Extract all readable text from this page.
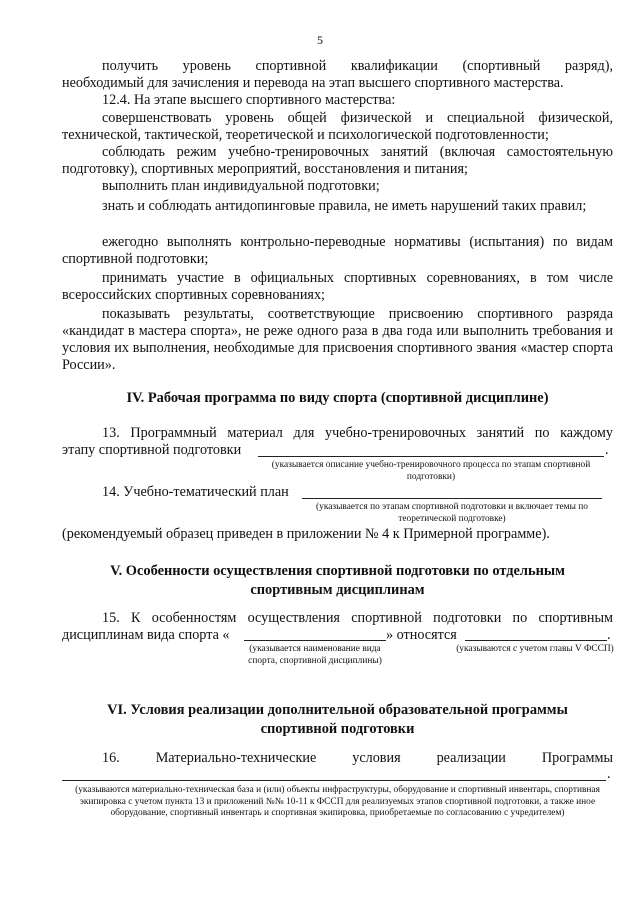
5
получить уровень спортивной квалификации (спортивный разряд),
необходимый для зачисления и перевода на этап высшего спортивного мастерства.
12.4. На этапе высшего спортивного мастерства:
совершенствовать уровень общей физической и специальной физической, технической, тактической, теоретической и психологической подготовленности;
соблюдать режим учебно-тренировочных занятий (включая самостоятельную подготовку), спортивных мероприятий, восстановления и питания;
выполнить план индивидуальной подготовки;
знать и соблюдать антидопинговые правила, не иметь нарушений таких правил;
ежегодно выполнять контрольно-переводные нормативы (испытания) по видам спортивной подготовки;
принимать участие в официальных спортивных соревнованиях, в том числе всероссийских спортивных соревнованиях;
показывать результаты, соответствующие присвоению спортивного разряда «кандидат в мастера спорта», не реже одного раза в два года или выполнить требования и условия их выполнения, необходимые для присвоения спортивного звания «мастер спорта России».
IV. Рабочая программа по виду спорта (спортивной дисциплине)
13. Программный материал для учебно-тренировочных занятий по каждому
этапу спортивной подготовки	.
(указывается описание учебно-тренировочного процесса по этапам спортивной подготовки)
14. Учебно-тематический план
(указывается по этапам спортивной подготовки и включает темы по теоретической подготовке)
(рекомендуемый образец приведен в приложении № 4 к Примерной программе).
V. Особенности осуществления спортивной подготовки по отдельным
спортивным дисциплинам
15. К особенностям осуществления спортивной подготовки по спортивным
дисциплинам вида спорта «	» относятся	.
(указывается наименование вида спорта, спортивной дисциплины)
(указываются с учетом главы V ФССП)
VI. Условия реализации дополнительной образовательной программы
спортивной подготовки
16. Материально-технические условия реализации Программы
.
(указываются материально-техническая база и (или) объекты инфраструктуры, оборудование и спортивный инвентарь, спортивная экипировка с учетом пункта 13 и приложений №№ 10-11 к ФССП для реализуемых этапов спортивной подготовки, а также иное оборудование, спортивный инвентарь и спортивная экипировка, приобретаемые по согласованию с учредителем)
